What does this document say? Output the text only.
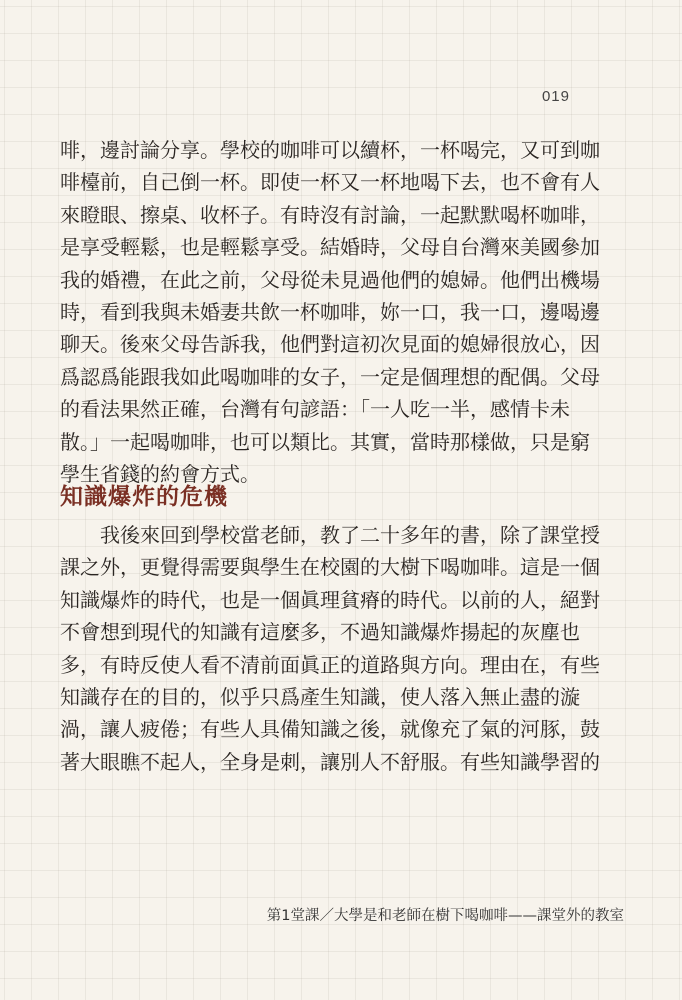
019
啡，邊討論分享。學校的咖啡可以續杯，一杯喝完，又可到咖
啡檯前，自己倒一杯。即使一杯又一杯地喝下去，也不會有人
來瞪眼、擦桌、收杯子。有時沒有討論，一起默默喝杯咖啡，
是享受輕鬆，也是輕鬆享受。結婚時，父母自台灣來美國參加
我的婚禮，在此之前，父母從未見過他們的媳婦。他們出機場
時，看到我與未婚妻共飲一杯咖啡，妳一口，我一口，邊喝邊
聊天。後來父母告訴我，他們對這初次見面的媳婦很放心，因
爲認爲能跟我如此喝咖啡的女子，一定是個理想的配偶。父母
的看法果然正確，台灣有句諺語：「一人吃一半，感情卡未
散。」一起喝咖啡，也可以類比。其實，當時那樣做，只是窮
學生省錢的約會方式。
知識爆炸的危機
　　我後來回到學校當老師，教了二十多年的書，除了課堂授
課之外，更覺得需要與學生在校園的大樹下喝咖啡。這是一個
知識爆炸的時代，也是一個眞理貧瘠的時代。以前的人，絕對
不會想到現代的知識有這麼多，不過知識爆炸揚起的灰塵也
多，有時反使人看不清前面眞正的道路與方向。理由在，有些
知識存在的目的，似乎只爲產生知識，使人落入無止盡的漩
渦，讓人疲倦；有些人具備知識之後，就像充了氣的河豚，鼓
著大眼瞧不起人，全身是刺，讓別人不舒服。有些知識學習的
第1堂課／大學是和老師在樹下喝咖啡——課堂外的教室
